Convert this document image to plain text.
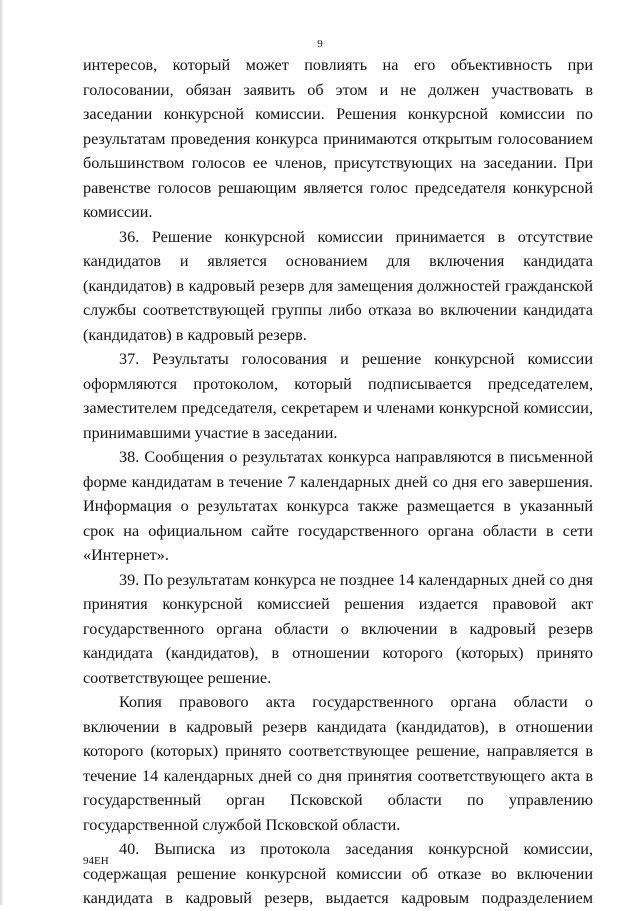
9

интересов, который может повлиять на его объективность при голосовании, обязан заявить об этом и не должен участвовать в заседании конкурсной комиссии. Решения конкурсной комиссии по результатам проведения конкурса принимаются открытым голосованием большинством голосов ее членов, присутствующих на заседании. При равенстве голосов решающим является голос председателя конкурсной комиссии.

36. Решение конкурсной комиссии принимается в отсутствие кандидатов и является основанием для включения кандидата (кандидатов) в кадровый резерв для замещения должностей гражданской службы соответствующей группы либо отказа во включении кандидата (кандидатов) в кадровый резерв.

37. Результаты голосования и решение конкурсной комиссии оформляются протоколом, который подписывается председателем, заместителем председателя, секретарем и членами конкурсной комиссии, принимавшими участие в заседании.

38. Сообщения о результатах конкурса направляются в письменной форме кандидатам в течение 7 календарных дней со дня его завершения. Информация о результатах конкурса также размещается в указанный срок на официальном сайте государственного органа области в сети «Интернет».

39. По результатам конкурса не позднее 14 календарных дней со дня принятия конкурсной комиссией решения издается правовой акт государственного органа области о включении в кадровый резерв кандидата (кандидатов), в отношении которого (которых) принято соответствующее решение.

Копия правового акта государственного органа области о включении в кадровый резерв кандидата (кандидатов), в отношении которого (которых) принято соответствующее решение, направляется в течение 14 календарных дней со дня принятия соответствующего акта в государственный орган Псковской области по управлению государственной службой Псковской области.

40. Выписка из протокола заседания конкурсной комиссии, содержащая решение конкурсной комиссии об отказе во включении кандидата в кадровый резерв, выдается кадровым подразделением

94ЕН
